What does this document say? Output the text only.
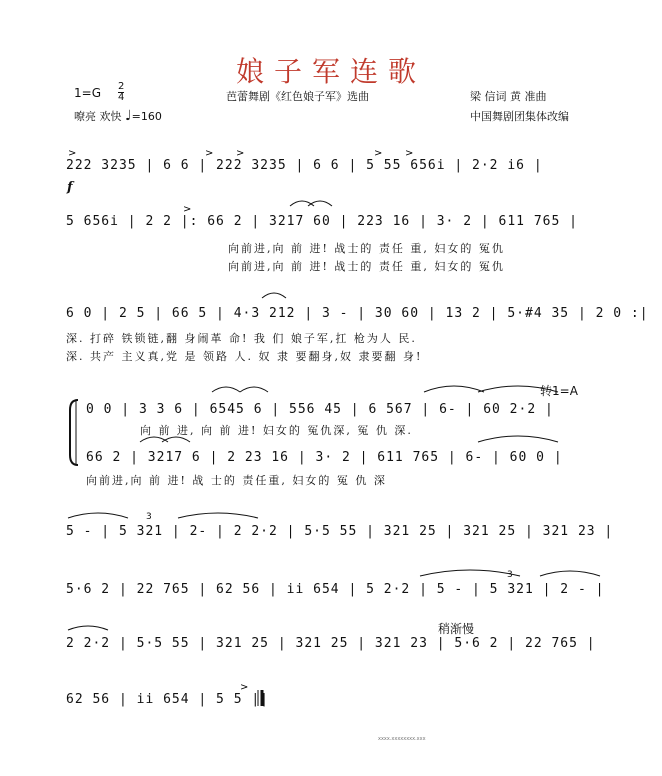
娘子军连歌
$1=G \frac{2}{4}$
嘹亮 欢快 ♩=160
芭蕾舞剧《红色娘子军》选曲	梁 信词 黄 准曲
中国舞剧团集体改编
f
222 3235 | 6 6 | 222 3235 | 6 6 | 5 55 656i | 2·2 i6 |
5 656i | 2 2 |: 66 2 | 3217 60 | 223 16 | 3· 2 | 611 765 |
向前进,向 前 进! 战士的 责任 重, 妇女的 冤仇
向前进,向 前 进! 战士的 责任 重, 妇女的 冤仇
6 0 | 2 5 | 66 5 | 4·3 212 | 3 - | 30 60 | 13 2 | 5·#4 35 | 2 0 :|
深. 打碎 铁锁链,翻 身闹革 命! 我 们 娘子军,扛 枪为人 民.
深. 共产 主义真,党 是 领路 人. 奴 隶 要翻身,奴 隶要翻 身!
转1=A
0 0 | 3 3 6 | 6545 6 | 556 45 | 6 567 | 6- | 60 2·2 |
向 前 进, 向 前 进! 妇女的 冤仇深, 冤 仇 深.
66 2 | 3217 6 | 2 23 16 | 3· 2 | 611 765 | 6- | 60 0 |
向前进,向 前 进! 战 士的 责任重, 妇女的 冤 仇 深
5 - | 5 321 | 2- | 2 2·2 | 5·5 55 | 321 25 | 321 25 | 321 23 |
5·6 2 | 22 765 | 62 56 | ii 654 | 5 2·2 | 5 - | 5 321 | 2 - |
稍渐慢
2 2·2 | 5·5 55 | 321 25 | 321 25 | 321 23 | 5·6 2 | 22 765 |
62 56 | ii 654 | 5 5 ||
3
3
>	> >	> >
>
>
xxxx.xxxxxxxx.xxx
